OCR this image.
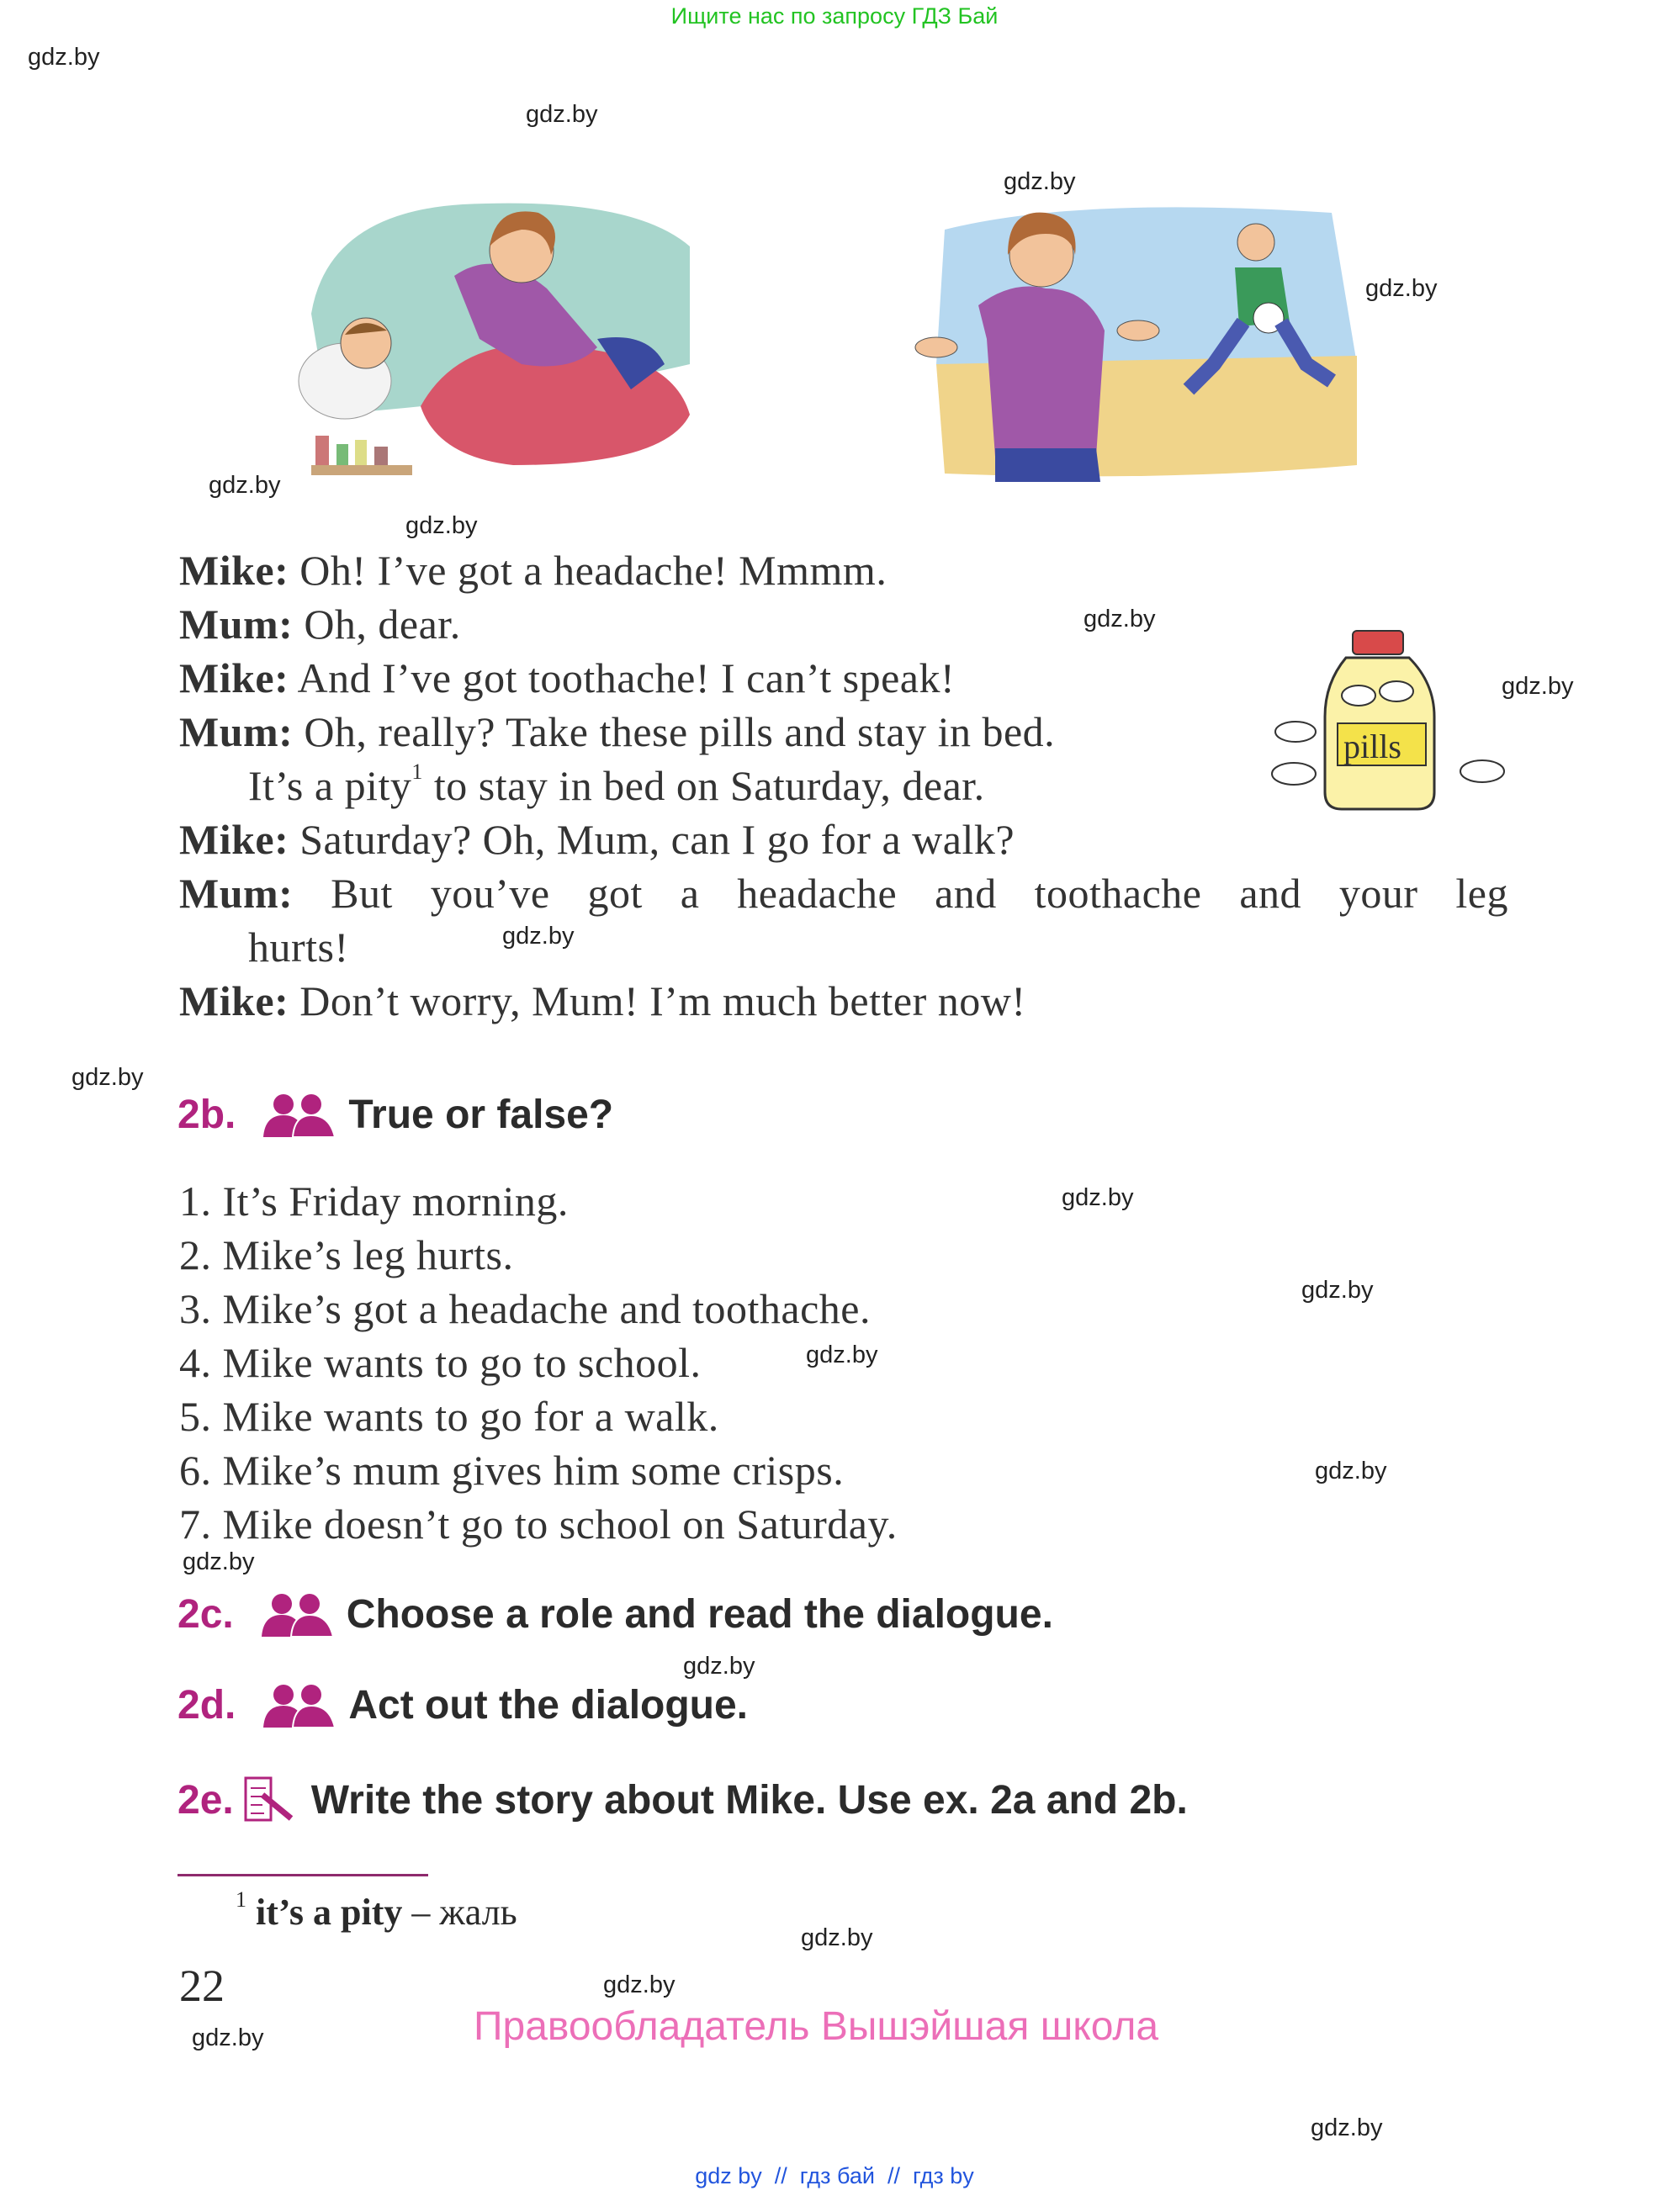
Ищите нас по запросу ГДЗ Бай
Mike: Oh! I’ve got a headache! Mmmm.
Mum: Oh, dear.
Mike: And I’ve got toothache! I can’t speak!
Mum: Oh, really? Take these pills and stay in bed.
It’s a pity$^1$ to stay in bed on Saturday, dear.
Mike: Saturday? Oh, Mum, can I go for a walk?
Mum: But you’ve got a headache and toothache and your leg
hurts!
Mike: Don’t worry, Mum! I’m much better now!
pills
2b.	True or false?
1. It’s Friday morning.
2. Mike’s leg hurts.
3. Mike’s got a headache and toothache.
4. Mike wants to go to school.
5. Mike wants to go for a walk.
6. Mike’s mum gives him some crisps.
7. Mike doesn’t go to school on Saturday.
2c.	Choose a role and read the dialogue.
2d.	Act out the dialogue.
2e. Write the story about Mike. Use ex. 2a and 2b.
$^1$ it’s a pity – жаль
22
Правообладатель Вышэйшая школа
gdz by  //  гдз бай  //  гдз by
gdz.by
gdz.by
gdz.by
gdz.by
gdz.by
gdz.by
gdz.by
gdz.by
gdz.by
gdz.by
gdz.by
gdz.by
gdz.by
gdz.by
gdz.by
gdz.by
gdz.by
gdz.by
gdz.by
gdz.by
